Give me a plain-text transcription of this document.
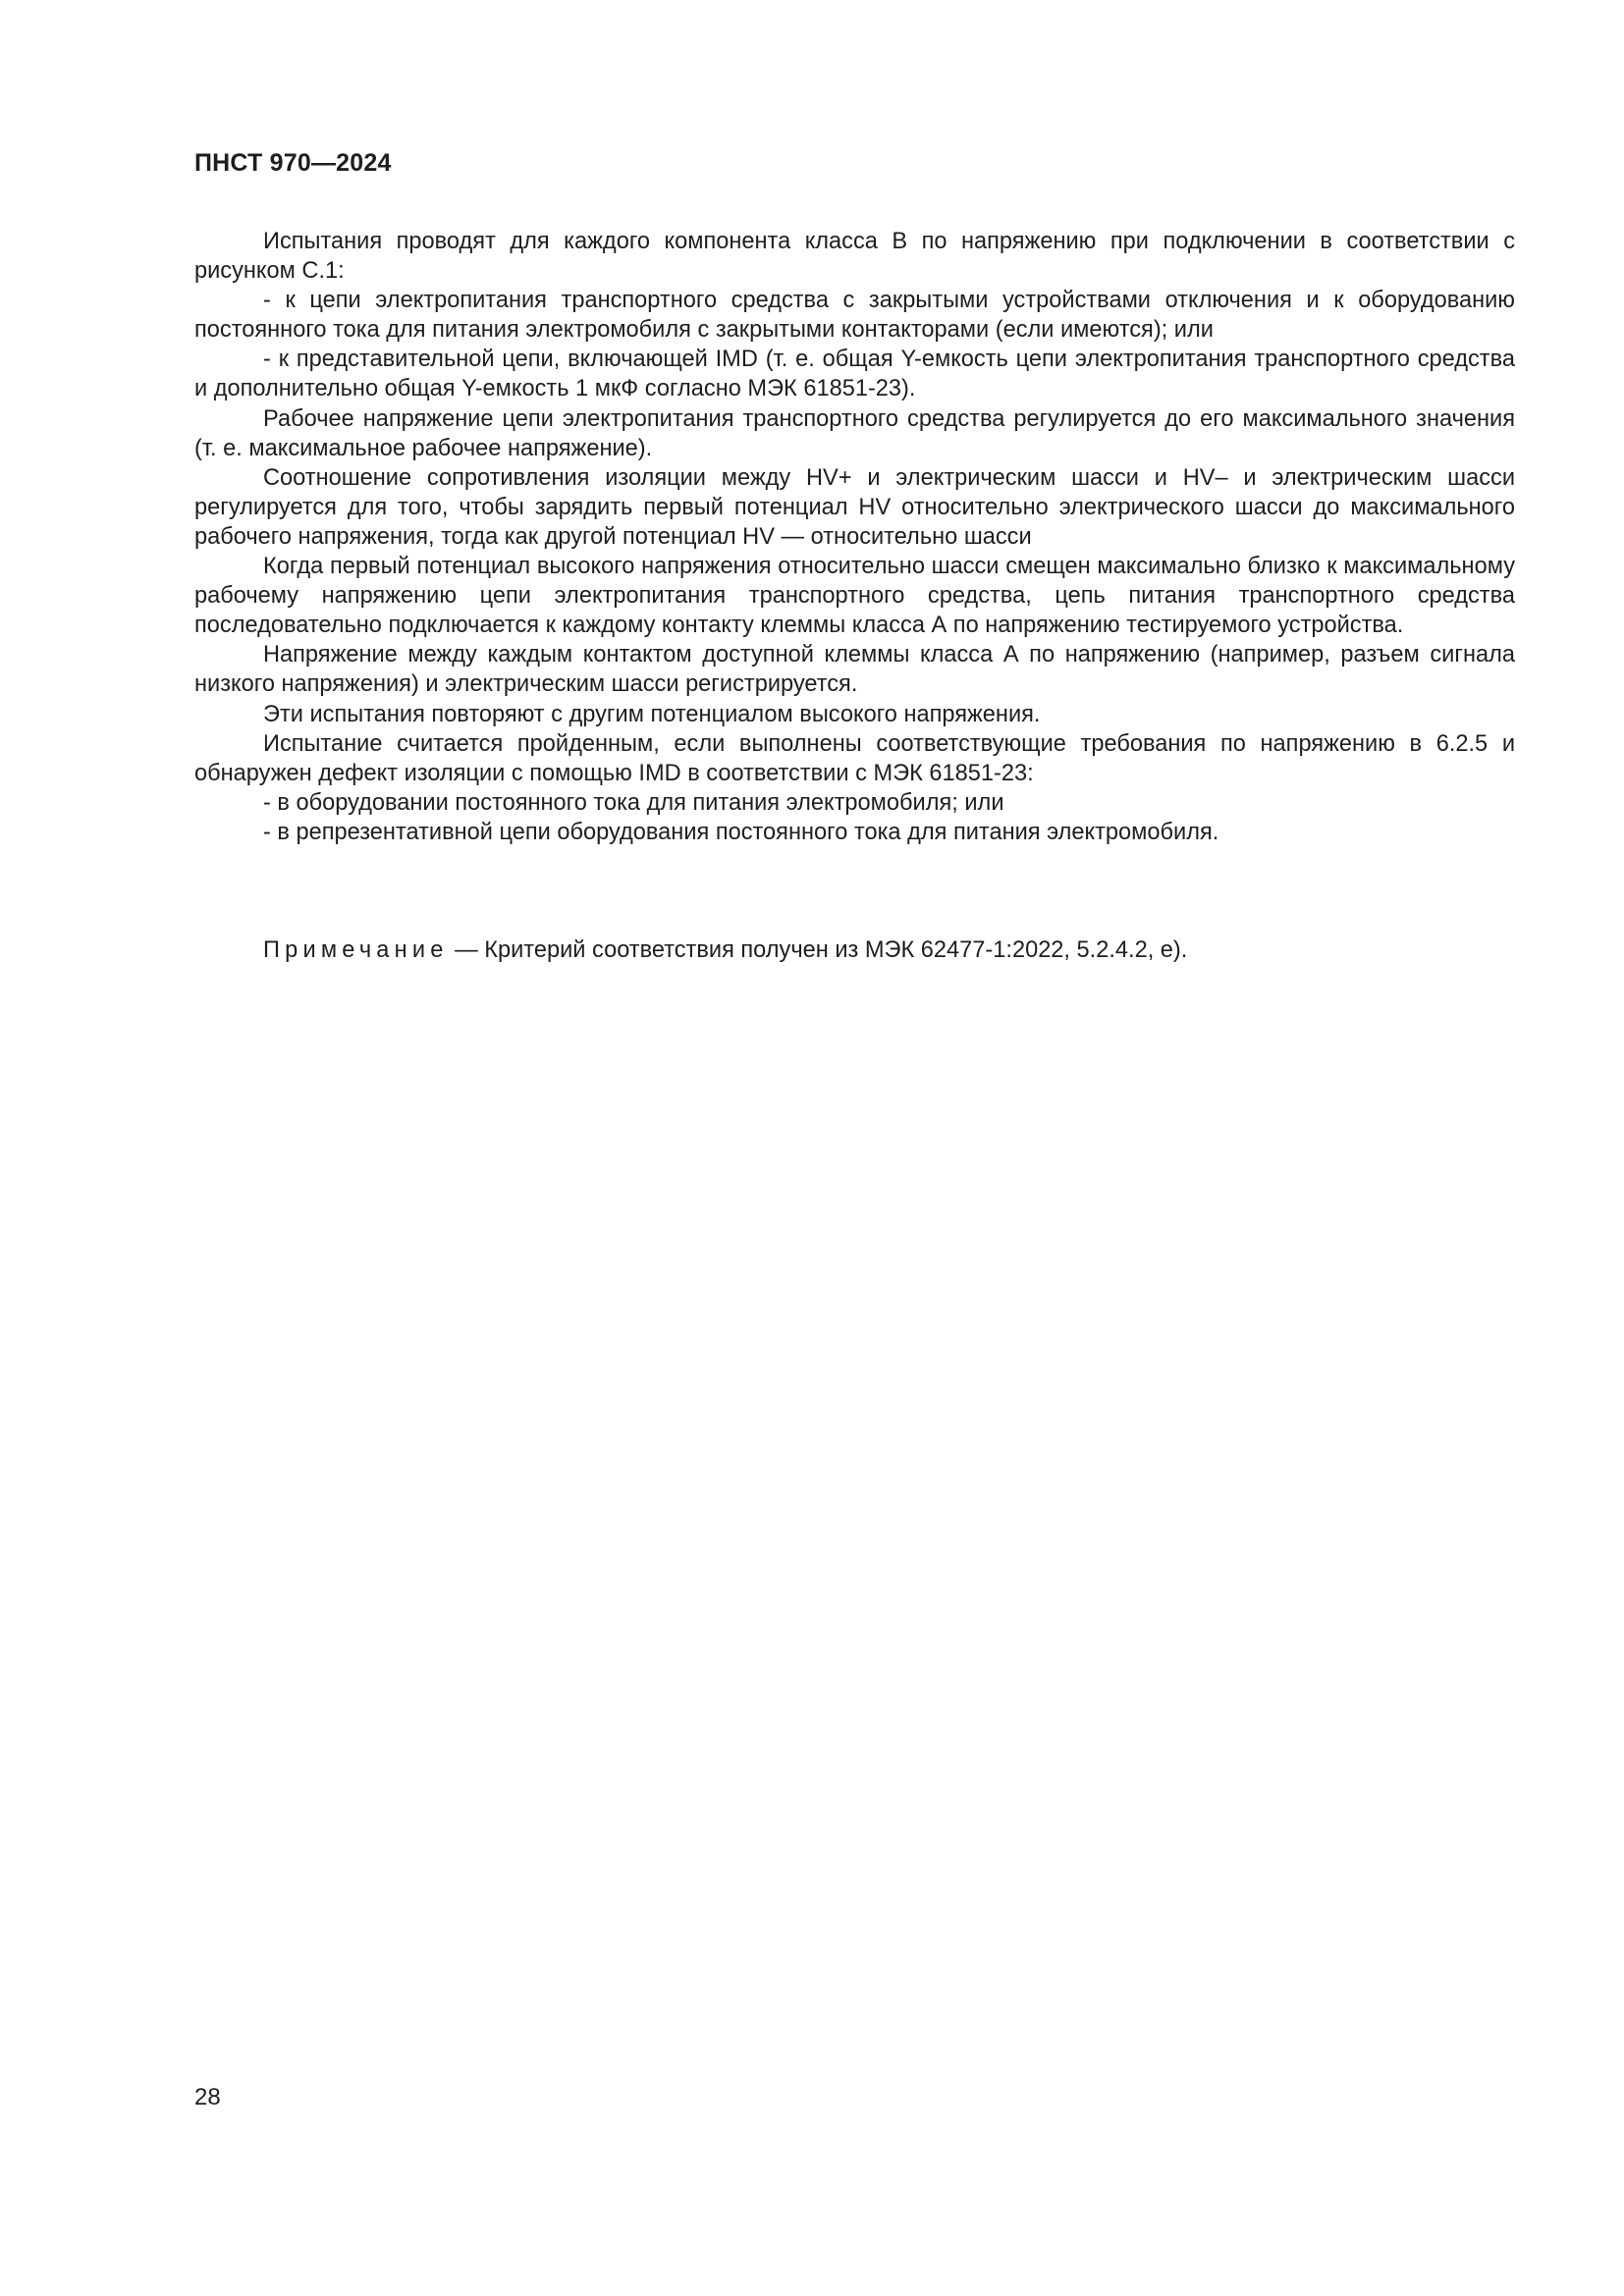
ПНСТ 970—2024

Испытания проводят для каждого компонента класса В по напряжению при подключении в соответствии с рисунком С.1:

- к цепи электропитания транспортного средства с закрытыми устройствами отключения и к оборудованию постоянного тока для питания электромобиля с закрытыми контакторами (если имеются); или

- к представительной цепи, включающей IMD (т. е. общая Y-емкость цепи электропитания транспортного средства и дополнительно общая Y-емкость 1 мкФ согласно МЭК 61851-23).

Рабочее напряжение цепи электропитания транспортного средства регулируется до его максимального значения (т. е. максимальное рабочее напряжение).

Соотношение сопротивления изоляции между HV+ и электрическим шасси и HV– и электрическим шасси регулируется для того, чтобы зарядить первый потенциал HV относительно электрического шасси до максимального рабочего напряжения, тогда как другой потенциал HV — относительно шасси

Когда первый потенциал высокого напряжения относительно шасси смещен максимально близко к максимальному рабочему напряжению цепи электропитания транспортного средства, цепь питания транспортного средства последовательно подключается к каждому контакту клеммы класса А по напряжению тестируемого устройства.

Напряжение между каждым контактом доступной клеммы класса А по напряжению (например, разъем сигнала низкого напряжения) и электрическим шасси регистрируется.

Эти испытания повторяют с другим потенциалом высокого напряжения.

Испытание считается пройденным, если выполнены соответствующие требования по напряжению в 6.2.5 и обнаружен дефект изоляции с помощью IMD в соответствии с МЭК 61851-23:

- в оборудовании постоянного тока для питания электромобиля; или

- в репрезентативной цепи оборудования постоянного тока для питания электромобиля.

Примечание — Критерий соответствия получен из МЭК 62477-1:2022, 5.2.4.2, е).

28
